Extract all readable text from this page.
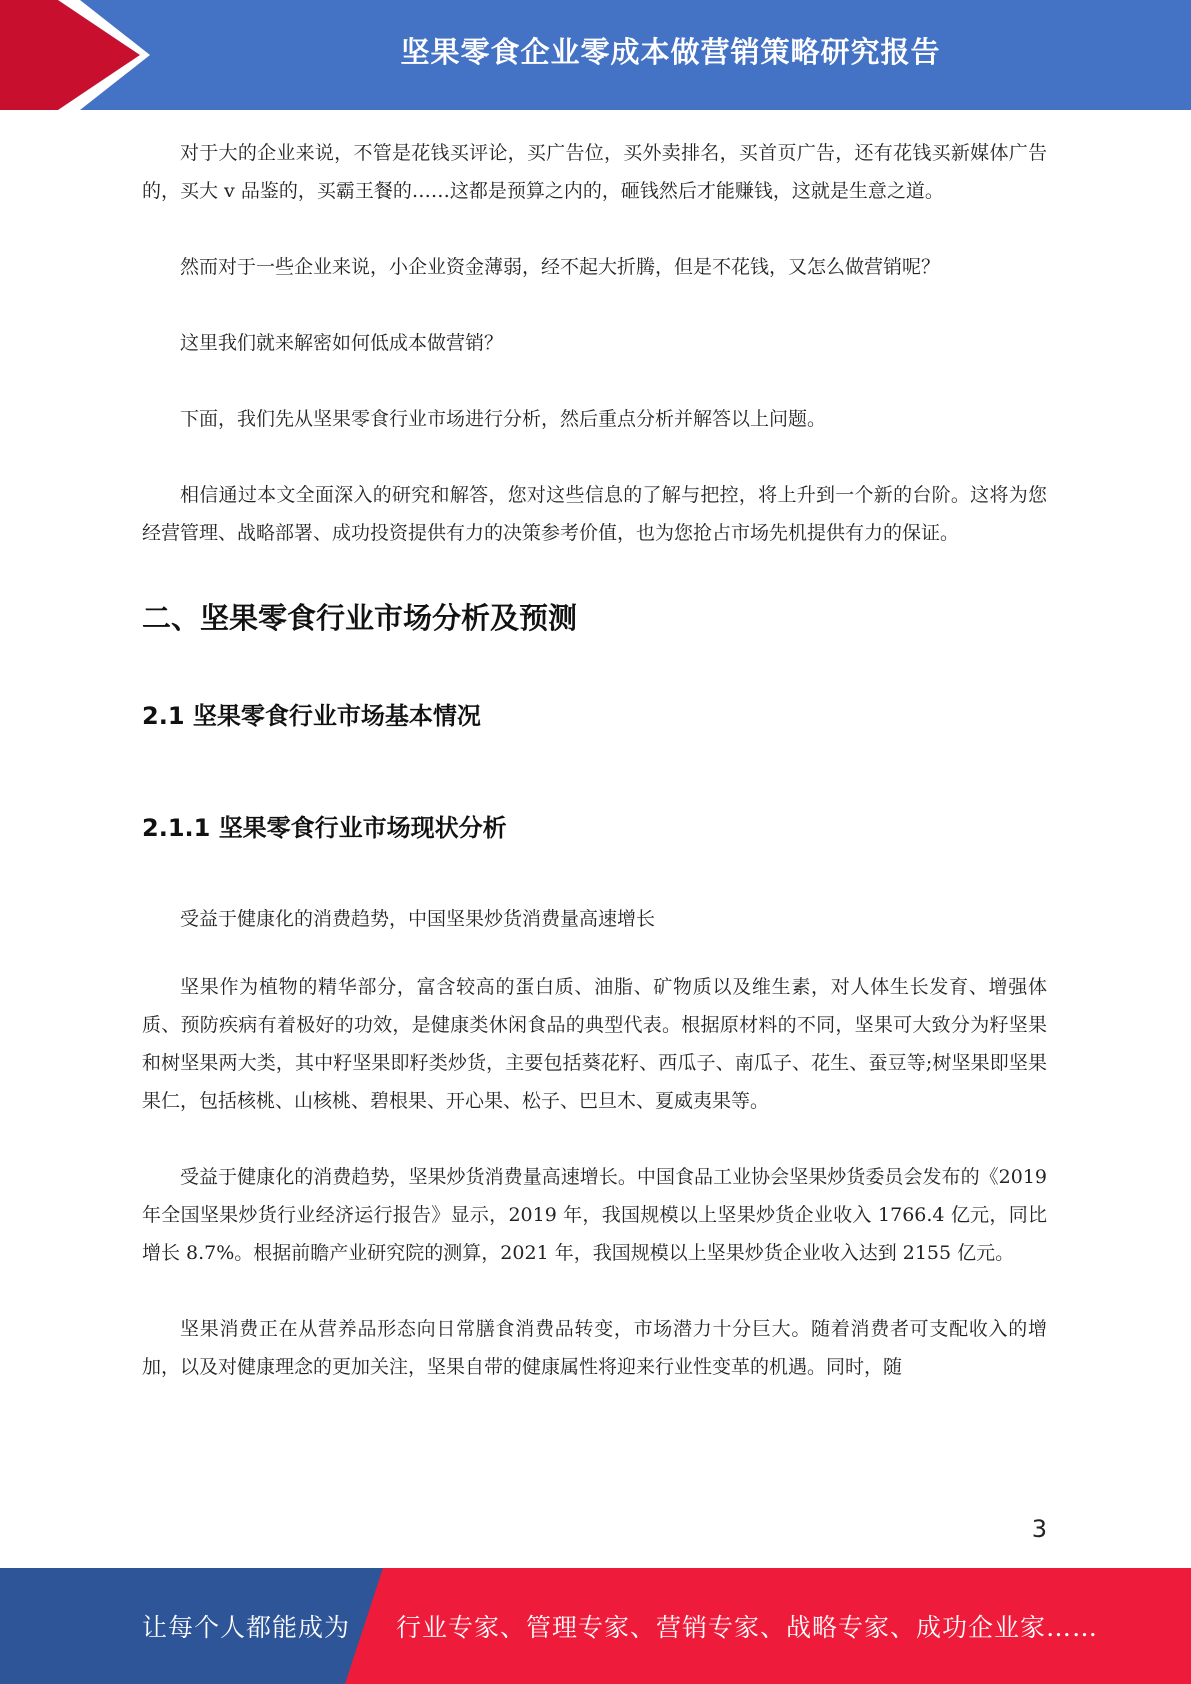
坚果零食企业零成本做营销策略研究报告

对于大的企业来说，不管是花钱买评论，买广告位，买外卖排名，买首页广告，还有花钱买新媒体广告的，买大 v 品鉴的，买霸王餐的……这都是预算之内的，砸钱然后才能赚钱，这就是生意之道。

然而对于一些企业来说，小企业资金薄弱，经不起大折腾，但是不花钱，又怎么做营销呢？

这里我们就来解密如何低成本做营销？

下面，我们先从坚果零食行业市场进行分析，然后重点分析并解答以上问题。

相信通过本文全面深入的研究和解答，您对这些信息的了解与把控，将上升到一个新的台阶。这将为您经营管理、战略部署、成功投资提供有力的决策参考价值，也为您抢占市场先机提供有力的保证。

二、坚果零食行业市场分析及预测
2.1 坚果零食行业市场基本情况
2.1.1 坚果零食行业市场现状分析

受益于健康化的消费趋势，中国坚果炒货消费量高速增长

坚果作为植物的精华部分，富含较高的蛋白质、油脂、矿物质以及维生素，对人体生长发育、增强体质、预防疾病有着极好的功效，是健康类休闲食品的典型代表。根据原材料的不同，坚果可大致分为籽坚果和树坚果两大类，其中籽坚果即籽类炒货，主要包括葵花籽、西瓜子、南瓜子、花生、蚕豆等;树坚果即坚果果仁，包括核桃、山核桃、碧根果、开心果、松子、巴旦木、夏威夷果等。

受益于健康化的消费趋势，坚果炒货消费量高速增长。中国食品工业协会坚果炒货委员会发布的《2019 年全国坚果炒货行业经济运行报告》显示，2019 年，我国规模以上坚果炒货企业收入 1766.4 亿元，同比增长 8.7%。根据前瞻产业研究院的测算，2021 年，我国规模以上坚果炒货企业收入达到 2155 亿元。

坚果消费正在从营养品形态向日常膳食消费品转变，市场潜力十分巨大。随着消费者可支配收入的增加，以及对健康理念的更加关注，坚果自带的健康属性将迎来行业性变革的机遇。同时，随

3
让每个人都能成为 行业专家、管理专家、营销专家、战略专家、成功企业家……
